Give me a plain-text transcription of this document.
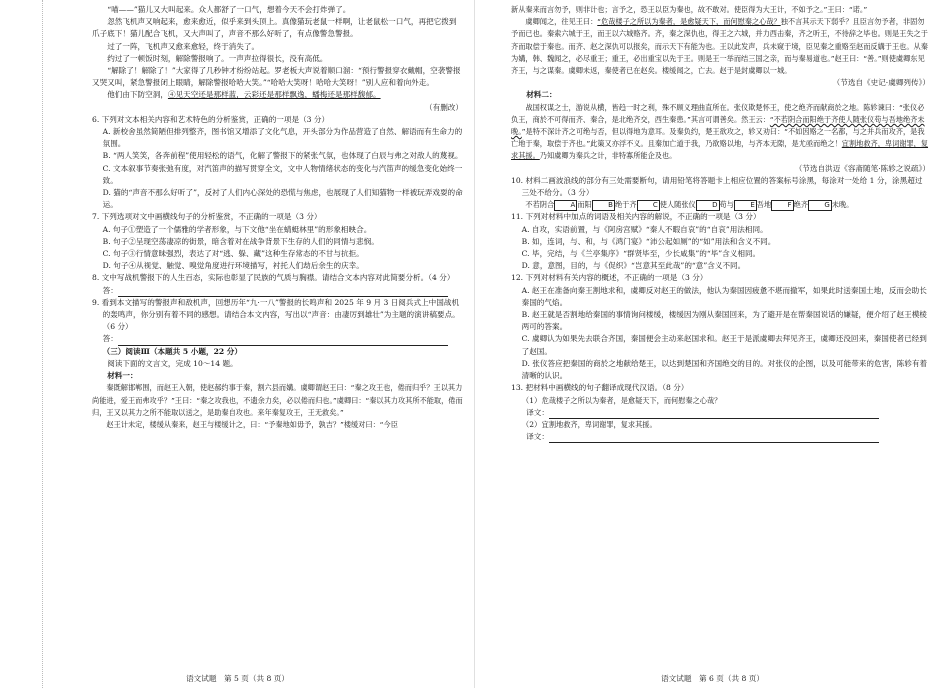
“喵——”猫儿又大叫起来。众人都舒了一口气，想着今天不会打炸弹了。

忽然飞机声又响起来，愈来愈近，似乎来到头顶上。真像猫玩老鼠一样啊，让老鼠松一口气，再把它拨到爪子底下！猫儿配合飞机，又大声叫了，声音不那么好听了，有点像警急警报。

过了一阵，飞机声又愈来愈轻，终于消失了。

约过了一顿饭时刻，解除警报响了。一声声拉得很长，没有高低。

“解除了！解除了！”大家得了几秒钟才纷纷站起。罗老板大声说着顺口溜：“预行警报穿衣戴帽，空袭警报又哭又叫，紧急警报闭上眼睛，解除警报哈哈大笑。”“哈哈大笑呀！哈哈大笑呀！”别人应和着向外走。

他们由下防空洞，④见天空还是那样蓝，云彩还是那样飘逸，蟠梅还是那样馥郁。

（有删改）

6. 下列对文本相关内容和艺术特色的分析鉴赏，正确的一项是（3 分）

A. 新校舍虽然简陋但排列整齐，图书馆又增添了文化气息，开头部分为作品营造了自然、解语而有生命力的氛围。

B. “两人笑笑，各奔前程”使用轻松的语气，化解了警报下的紧张气氛，也体现了白辰与弗之对敌人的蔑视。

C. 文本叙事节奏张弛有度，对汽笛声的描写贯穿全文，文中人物情绪状态的变化与汽笛声的缓急变化始终一致。

D. 猫的“声音不那么好听了”，反衬了人们内心深处的恐慌与焦虑，也展现了人们知猫物一样被玩弄戏耍的命运。

7. 下列选项对文中画横线句子的分析鉴赏，不正确的一项是（3 分）

A. 句子①塑造了一个儒雅的学者形象，与下文他“坐在蜻蜓林里”的形象相映合。

B. 句子②呈现空荡凄凉的街景，暗含着对在战争背景下生存的人们的同情与悲悯。

C. 句子③行情意昧强烈，表达了对“逃、躲、藏”这种生存常态的不甘与抗拒。

D. 句子④从视觉、触觉、嗅觉角度进行环境描写，衬托人们劫后余生的庆幸。

8. 文中写战机警报下的人生百态，实际也彰显了民族的气质与胸襟。请结合文本内容对此简要分析。（4 分）

答：

9. 看到本文描写的警报声和敌机声，回想历年“九·一八”警报的长鸣声和 2025 年 9 月 3 日阅兵式上中国战机的轰鸣声，你分别有着不同的感想。请结合本文内容，写出以“声音：由凄厉到雄壮”为主题的演讲稿要点。（6 分）

答：

（三）阅读Ⅲ（本题共 5 小题，22 分）

阅读下面的文言文，完成 10～14 题。

材料一：

秦既解邯郸围，而赵王入朝，使赵郝约事于秦，割六县而媾。虞卿谓赵王曰：“秦之攻王也，倦而归乎？王以其力尚能进，爱王而弗攻乎？”王曰：“秦之攻我也，不遗余力矣，必以倦而归也。”虞卿曰：“秦以其力攻其所不能取，倦而归，王又以其力之所不能取以送之，是助秦自攻也。来年秦复攻王，王无救矣。”

赵王计未定，楼缓从秦来，赵王与楼缓计之，曰：“予秦地如毋予，孰吉？”楼缓对曰：“今臣

语文试题　第 5 页（共 8 页）

新从秦来而言勿予，则非计也；言予之，恐王以臣为秦也，故不敢对。使臣得为大王计，不如予之。”王曰：“诺。”

虞卿闻之，往见王曰：“危哉楼子之所以为秦者，是愈疑天下，而何慰秦之心哉？独不言其示天下弱乎？且臣言勿予者，非固勿予而已也。秦索六城于王，而王以六城赂齐。齐，秦之深仇也，得王之六城，并力西击秦，齐之听王，不待辞之毕也。则是王失之于齐而取偿于秦也。而齐、赵之深仇可以报矣，而示天下有能为也。王以此发声，兵未窥于境，臣见秦之重赂至赵而反媾于王也。从秦为媾，韩、魏闻之，必尽重王；重王，必出重宝以先于王。则是王一举而结三国之亲，而与秦易道也。”赵王曰：“善。”则使虞卿东见齐王，与之谋秦。虞卿未返，秦使者已在赵矣。楼缓闻之，亡去。赵于是封虞卿以一城。

（节选自《史记·虞卿列传》）

材料二：

战国权谋之士，游说从横，皆趋一时之利，殊不顾义理曲直所在。张仪欺楚怀王，使之绝齐而献商於之地。陈轸谏曰：“张仪必负王，商於不可得而齐、秦合，是北绝齐交，西生秦患。”其言可谓善矣。然王云：“不若阴合而阳绝于齐使人随张仪苟与吾地绝齐未晚。”是特不深计齐之可绝与否，但以得地为意耳。及秦负约，楚王欲攻之，轸又劝曰：“不如因赂之一名都，与之并兵而攻齐，是我亡地于秦，取偿于齐也。”此策又亦浮不义。且秦加亡道于我，乃欲赂以地，与齐本无隙，是尤亟而绝之！宜割地救齐，卑词谢罪，复求其援。乃知虞卿为秦兵之计，非特寡所能企及也。

（节选自洪迈《容斋随笔·陈轸之说疏》）

10. 材料二画波浪线的部分有三处需要断句，请用铅笔将答题卡上相应位置的答案标号涂黑，每涂对一处给 1 分，涂黑超过三处不给分。（3 分）

不若阴合 A 而阳 B 绝于齐 C 使人随张仪 D 苟与 E 吾地 F 绝齐 G 未晚。

11. 下列对材料中加点的词语及相关内容的解说，不正确的一项是（3 分）

A. 自攻，实语前置，与《阿房宫赋》“秦人不暇自哀”的“自哀”用法相同。

B. 如，连词，与、和，与《鸿门宴》“沛公起如厕”的“如”用法和含义不同。

C. 毕，完结，与《兰亭集序》“群贤毕至，少长咸集”的“毕”含义相同。

D. 意，意图，目的，与《促织》“岂意其至此哉”的“意”含义不同。

12. 下列对材料有关内容的概述，不正确的一项是（3 分）

A. 赵王在准备向秦王割地求和，虞卿反对赵王的做法，他认为秦国因疲惫不堪而撤军，如果此时送秦国土地，反而会助长秦国的气焰。

B. 赵王就是否割地给秦国的事情询问楼缓，楼缓因为刚从秦国回来，为了避开是在帮秦国说话的嫌疑，便介绍了赵王模棱两可的答案。

C. 虞卿认为如果先去联合齐国，秦国便会主动来赵国求和。赵王于是派虞卿去拜见齐王，虞卿还没回来，秦国使者已经到了赵国。

D. 张仪答应把秦国的商於之地献给楚王，以达到楚国和齐国绝交的目的。对张仪的企图，以及可能带来的危害，陈轸有着清晰的认识。

13. 把材料中画横线的句子翻译成现代汉语。（8 分）

（1）危哉楼子之所以为秦者，是愈疑天下，而何慰秦之心哉？

译文：

（2）宜割地救齐，卑词谢罪，复求其援。

译文：

语文试题　第 6 页（共 8 页）
